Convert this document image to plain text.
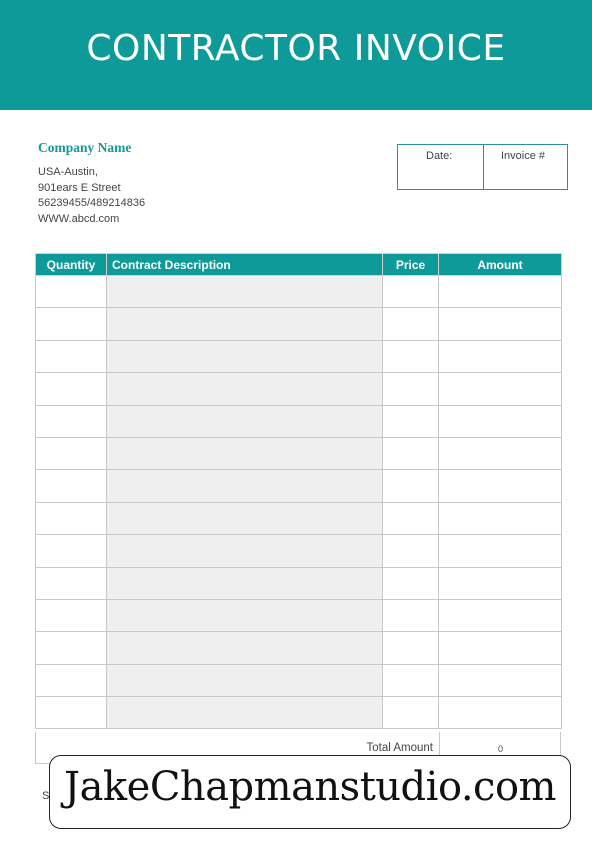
CONTRACTOR INVOICE
Company Name
USA-Austin,
901ears E Street
56239455/489214836
WWW.abcd.com
Date:	Invoice #
Quantity	Contract Description	Price	Amount

Total Amount	0
S JakeChapmanstudio.com
